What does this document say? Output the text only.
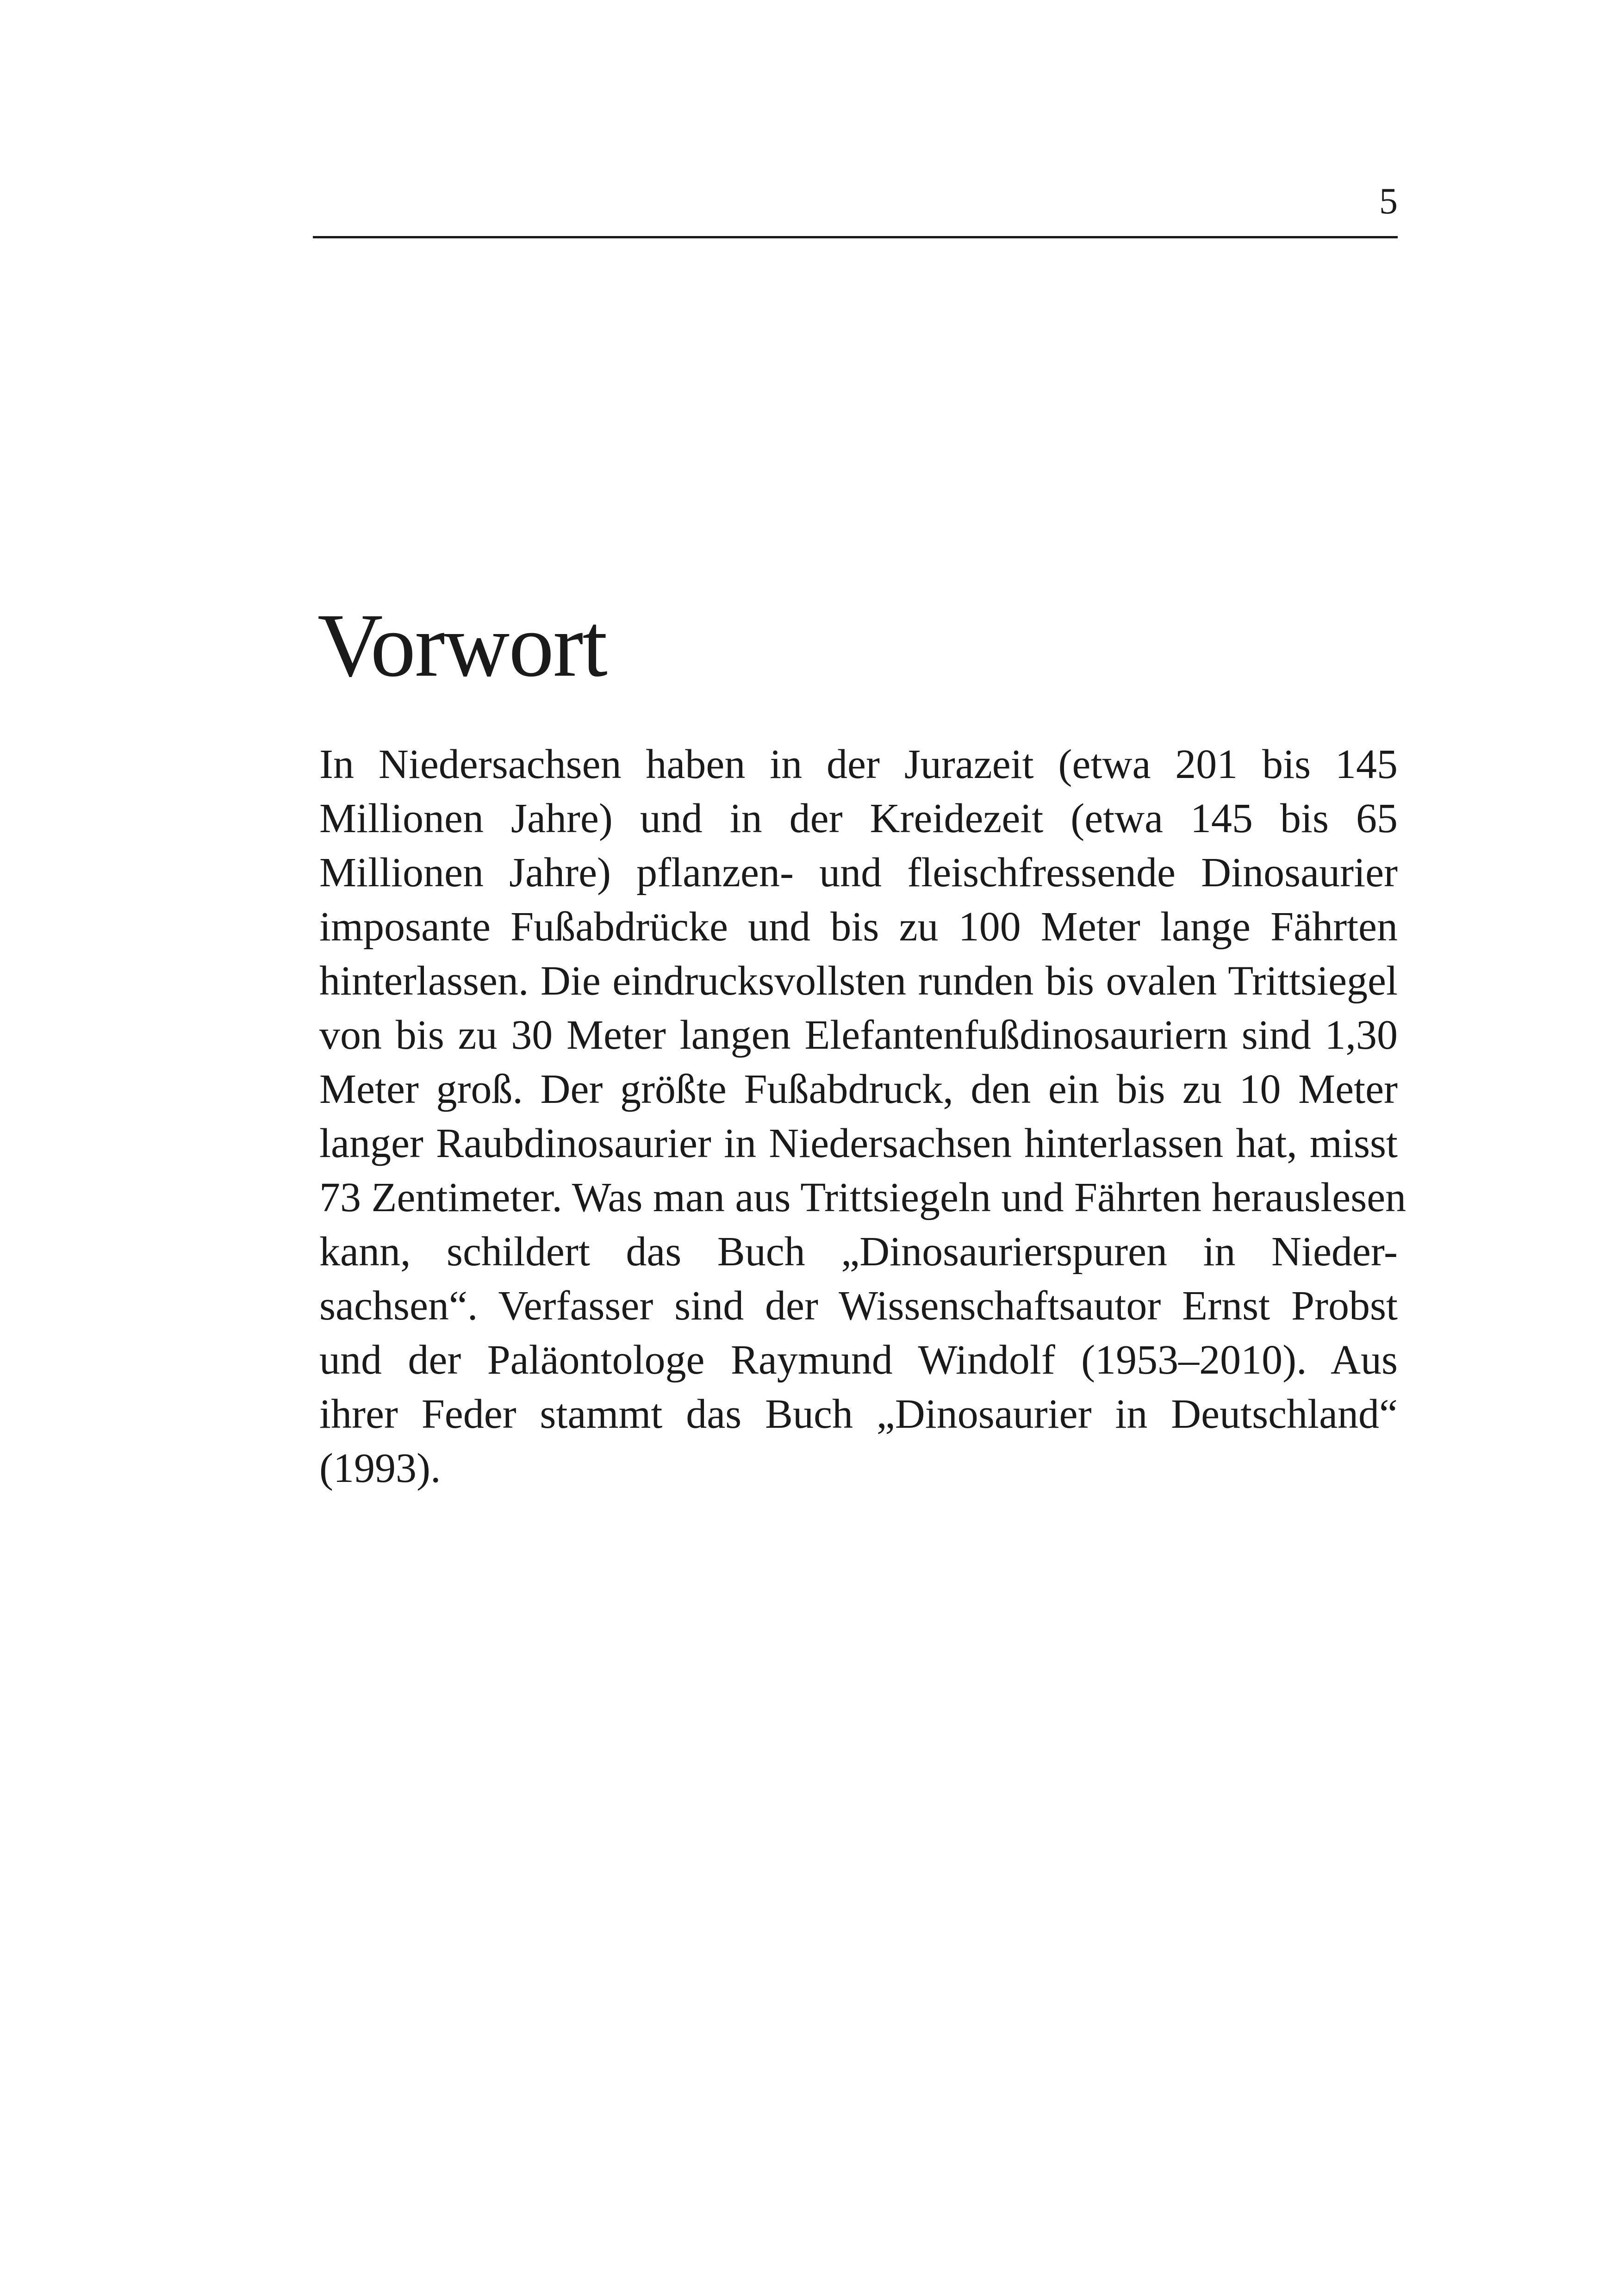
5
Vorwort
In Niedersachsen haben in der Jurazeit (etwa 201 bis 145
Millionen Jahre) und in der Kreidezeit (etwa 145 bis 65
Millionen Jahre) pflanzen- und fleischfressende Dinosaurier
imposante Fußabdrücke und bis zu 100 Meter lange Fährten
hinterlassen. Die eindrucksvollsten runden bis ovalen Trittsiegel
von bis zu 30 Meter langen Elefantenfußdinosauriern sind 1,30
Meter groß. Der größte Fußabdruck, den ein bis zu 10 Meter
langer Raubdinosaurier in Niedersachsen hinterlassen hat, misst
73 Zentimeter. Was man aus Trittsiegeln und Fährten herauslesen
kann, schildert das Buch „Dinosaurierspuren in Nieder-
sachsen“. Verfasser sind der Wissenschaftsautor Ernst Probst
und der Paläontologe Raymund Windolf (1953–2010). Aus
ihrer Feder stammt das Buch „Dinosaurier in Deutschland“
(1993).
